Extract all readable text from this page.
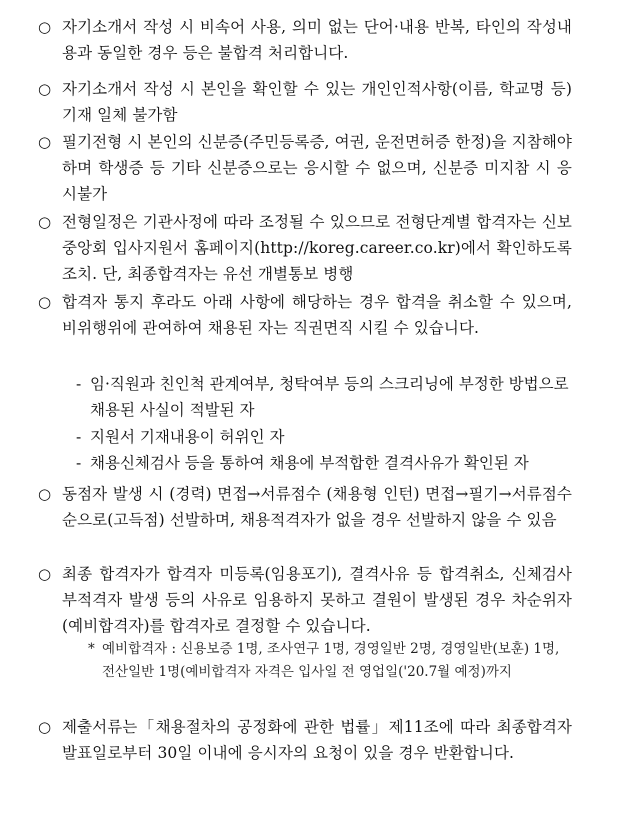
○ 자기소개서 작성 시 비속어 사용, 의미 없는 단어·내용 반복, 타인의 작성내용과 동일한 경우 등은 불합격 처리합니다.
○ 자기소개서 작성 시 본인을 확인할 수 있는 개인인적사항(이름, 학교명 등) 기재 일체 불가함
○ 필기전형 시 본인의 신분증(주민등록증, 여권, 운전면허증 한정)을 지참해야 하며 학생증 등 기타 신분증으로는 응시할 수 없으며, 신분증 미지참 시 응시불가
○ 전형일정은 기관사정에 따라 조정될 수 있으므로 전형단계별 합격자는 신보중앙회 입사지원서 홈페이지(http://koreg.career.co.kr)에서 확인하도록 조치. 단, 최종합격자는 유선 개별통보 병행
○ 합격자 통지 후라도 아래 사항에 해당하는 경우 합격을 취소할 수 있으며, 비위행위에 관여하여 채용된 자는 직권면직 시킬 수 있습니다.
- 임·직원과 친인척 관계여부, 청탁여부 등의 스크리닝에 부정한 방법으로 채용된 사실이 적발된 자
- 지원서 기재내용이 허위인 자
- 채용신체검사 등을 통하여 채용에 부적합한 결격사유가 확인된 자
○ 동점자 발생 시 (경력) 면접→서류점수 (채용형 인턴) 면접→필기→서류점수 순으로(고득점) 선발하며, 채용적격자가 없을 경우 선발하지 않을 수 있음
○ 최종 합격자가 합격자 미등록(임용포기), 결격사유 등 합격취소, 신체검사 부적격자 발생 등의 사유로 임용하지 못하고 결원이 발생된 경우 차순위자(예비합격자)를 합격자로 결정할 수 있습니다.
* 예비합격자 : 신용보증 1명, 조사연구 1명, 경영일반 2명, 경영일반(보훈) 1명, 전산일반 1명(예비합격자 자격은 입사일 전 영업일('20.7월 예정)까지
○ 제출서류는「채용절차의 공정화에 관한 법률」제11조에 따라 최종합격자 발표일로부터 30일 이내에 응시자의 요청이 있을 경우 반환합니다.
